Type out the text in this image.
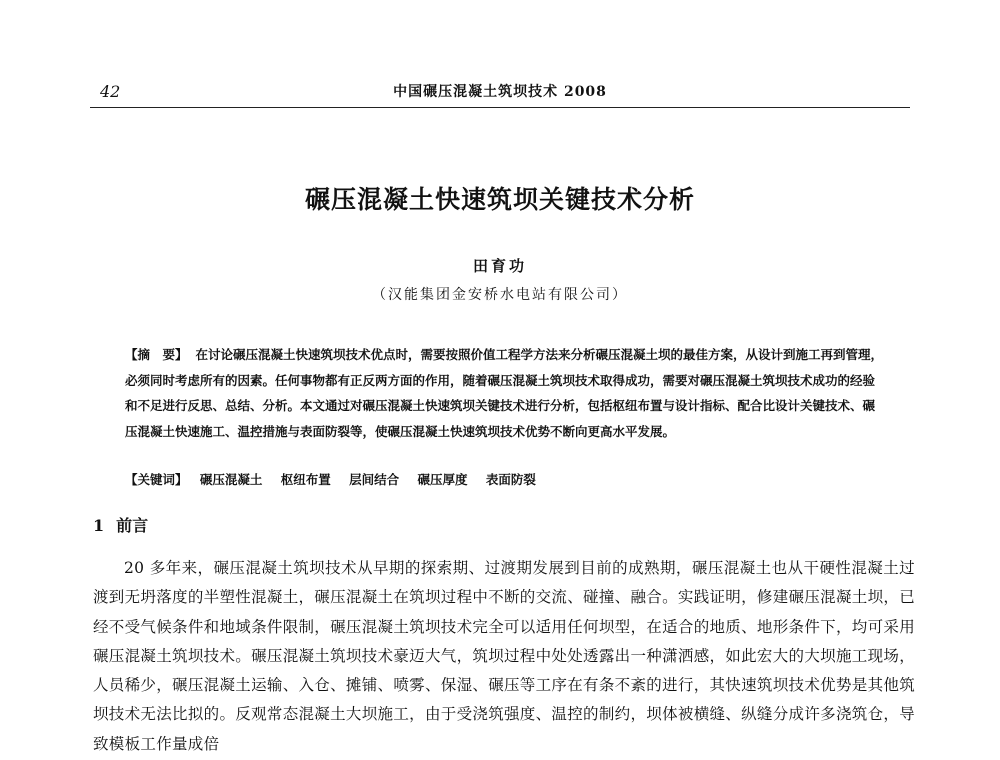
42	中国碾压混凝土筑坝技术 2008
碾压混凝土快速筑坝关键技术分析
田育功
（汉能集团金安桥水电站有限公司）
【摘　要】 在讨论碾压混凝土快速筑坝技术优点时，需要按照价值工程学方法来分析碾压混凝土坝的最佳方案，从设计到施工再到管理，必须同时考虑所有的因素。任何事物都有正反两方面的作用，随着碾压混凝土筑坝技术取得成功，需要对碾压混凝土筑坝技术成功的经验和不足进行反思、总结、分析。本文通过对碾压混凝土快速筑坝关键技术进行分析，包括枢纽布置与设计指标、配合比设计关键技术、碾压混凝土快速施工、温控措施与表面防裂等，使碾压混凝土快速筑坝技术优势不断向更高水平发展。
【关键词】 碾压混凝土 枢纽布置 层间结合 碾压厚度 表面防裂
1 前言
20 多年来，碾压混凝土筑坝技术从早期的探索期、过渡期发展到目前的成熟期，碾压混凝土也从干硬性混凝土过渡到无坍落度的半塑性混凝土，碾压混凝土在筑坝过程中不断的交流、碰撞、融合。实践证明，修建碾压混凝土坝，已经不受气候条件和地域条件限制，碾压混凝土筑坝技术完全可以适用任何坝型，在适合的地质、地形条件下，均可采用碾压混凝土筑坝技术。碾压混凝土筑坝技术豪迈大气，筑坝过程中处处透露出一种潇洒感，如此宏大的大坝施工现场，人员稀少，碾压混凝土运输、入仓、摊铺、喷雾、保湿、碾压等工序在有条不紊的进行，其快速筑坝技术优势是其他筑坝技术无法比拟的。反观常态混凝土大坝施工，由于受浇筑强度、温控的制约，坝体被横缝、纵缝分成许多浇筑仓，导致模板工作量成倍
